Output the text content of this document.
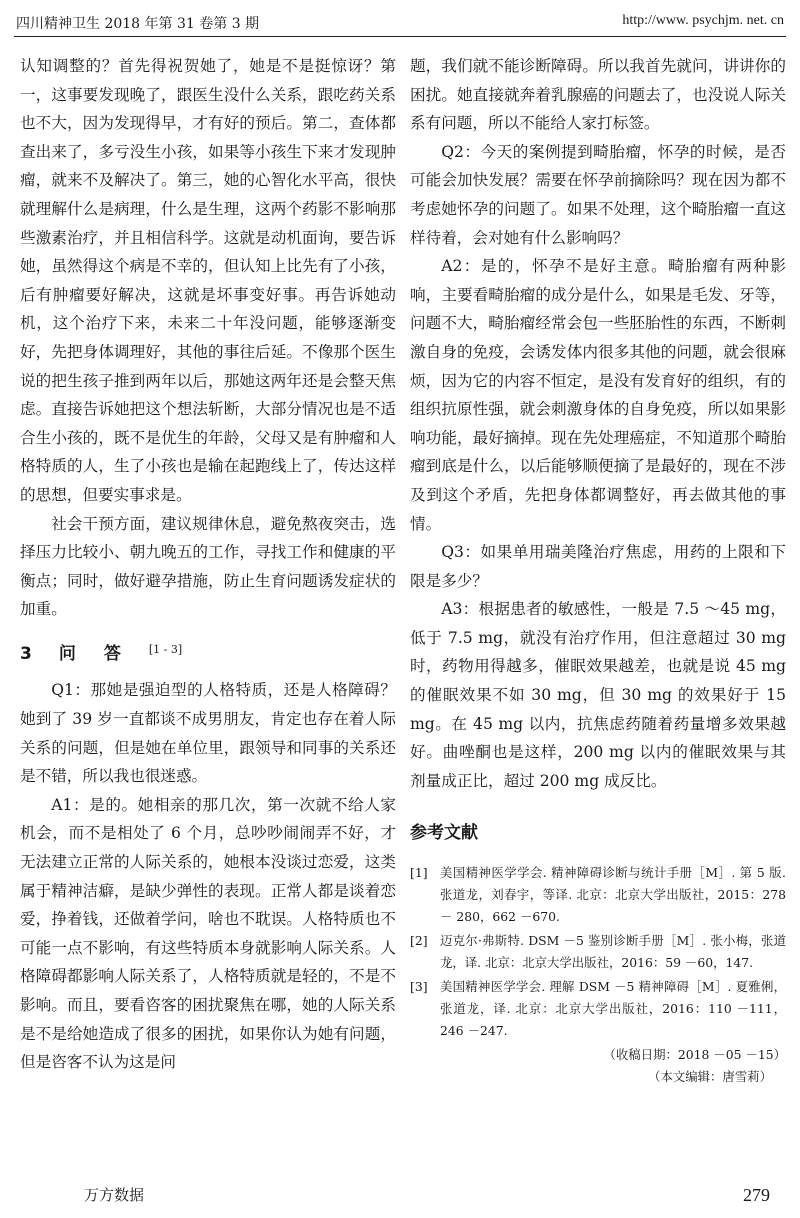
四川精神卫生 2018 年第 31 卷第 3 期	http://www. psychjm. net. cn

认知调整的？首先得祝贺她了，她是不是挺惊讶？第一，这事要发现晚了，跟医生没什么关系，跟吃药关系也不大，因为发现得早，才有好的预后。第二，查体都查出来了，多亏没生小孩，如果等小孩生下来才发现肿瘤，就来不及解决了。第三，她的心智化水平高，很快就理解什么是病理，什么是生理，这两个药影不影响那些激素治疗，并且相信科学。这就是动机面询，要告诉她，虽然得这个病是不幸的，但认知上比先有了小孩，后有肿瘤要好解决，这就是坏事变好事。再告诉她动机，这个治疗下来，未来二十年没问题，能够逐渐变好，先把身体调理好，其他的事往后延。不像那个医生说的把生孩子推到两年以后，那她这两年还是会整天焦虑。直接告诉她把这个想法斩断，大部分情况也是不适合生小孩的，既不是优生的年龄，父母又是有肿瘤和人格特质的人，生了小孩也是输在起跑线上了，传达这样的思想，但要实事求是。

社会干预方面，建议规律休息，避免熬夜突击，选择压力比较小、朝九晚五的工作，寻找工作和健康的平衡点；同时，做好避孕措施，防止生育问题诱发症状的加重。

3 问答[1 - 3]

Q1：那她是强迫型的人格特质，还是人格障碍？她到了 39 岁一直都谈不成男朋友，肯定也存在着人际关系的问题，但是她在单位里，跟领导和同事的关系还是不错，所以我也很迷惑。

A1：是的。她相亲的那几次，第一次就不给人家机会，而不是相处了 6 个月，总吵吵闹闹弄不好，才无法建立正常的人际关系的，她根本没谈过恋爱，这类属于精神洁癖，是缺少弹性的表现。正常人都是谈着恋爱，挣着钱，还做着学问，啥也不耽误。人格特质也不可能一点不影响，有这些特质本身就影响人际关系。人格障碍都影响人际关系了，人格特质就是轻的，不是不影响。而且，要看咨客的困扰聚焦在哪，她的人际关系是不是给她造成了很多的困扰，如果你认为她有问题，但是咨客不认为这是问

题，我们就不能诊断障碍。所以我首先就问，讲讲你的困扰。她直接就奔着乳腺癌的问题去了，也没说人际关系有问题，所以不能给人家打标签。

Q2：今天的案例提到畸胎瘤，怀孕的时候，是否可能会加快发展？需要在怀孕前摘除吗？现在因为都不考虑她怀孕的问题了。如果不处理，这个畸胎瘤一直这样待着，会对她有什么影响吗？

A2：是的，怀孕不是好主意。畸胎瘤有两种影响，主要看畸胎瘤的成分是什么，如果是毛发、牙等，问题不大，畸胎瘤经常会包一些胚胎性的东西，不断刺激自身的免疫，会诱发体内很多其他的问题，就会很麻烦，因为它的内容不恒定，是没有发育好的组织，有的组织抗原性强，就会刺激身体的自身免疫，所以如果影响功能，最好摘掉。现在先处理癌症，不知道那个畸胎瘤到底是什么，以后能够顺便摘了是最好的，现在不涉及到这个矛盾，先把身体都调整好，再去做其他的事情。

Q3：如果单用瑞美隆治疗焦虑，用药的上限和下限是多少？

A3：根据患者的敏感性，一般是 7.5 ～45 mg，低于 7.5 mg，就没有治疗作用，但注意超过 30 mg 时，药物用得越多，催眠效果越差，也就是说 45 mg 的催眠效果不如 30 mg，但 30 mg 的效果好于 15 mg。在 45 mg 以内，抗焦虑药随着药量增多效果越好。曲唑酮也是这样，200 mg 以内的催眠效果与其剂量成正比，超过 200 mg 成反比。

参考文献
[1] 美国精神医学学会. 精神障碍诊断与统计手册［M］. 第 5 版. 张道龙，刘春宇，等译. 北京：北京大学出版社，2015：278 － 280，662 －670.
[2] 迈克尔·弗斯特. DSM －5 鉴别诊断手册［M］. 张小梅，张道龙，译. 北京：北京大学出版社，2016：59 －60，147.
[3] 美国精神医学学会. 理解 DSM －5 精神障碍［M］. 夏雅俐，张道龙，译. 北京：北京大学出版社，2016：110 －111，246 －247.
（收稿日期：2018 －05 －15）
（本文编辑：唐雪莉）
万方数据	279
